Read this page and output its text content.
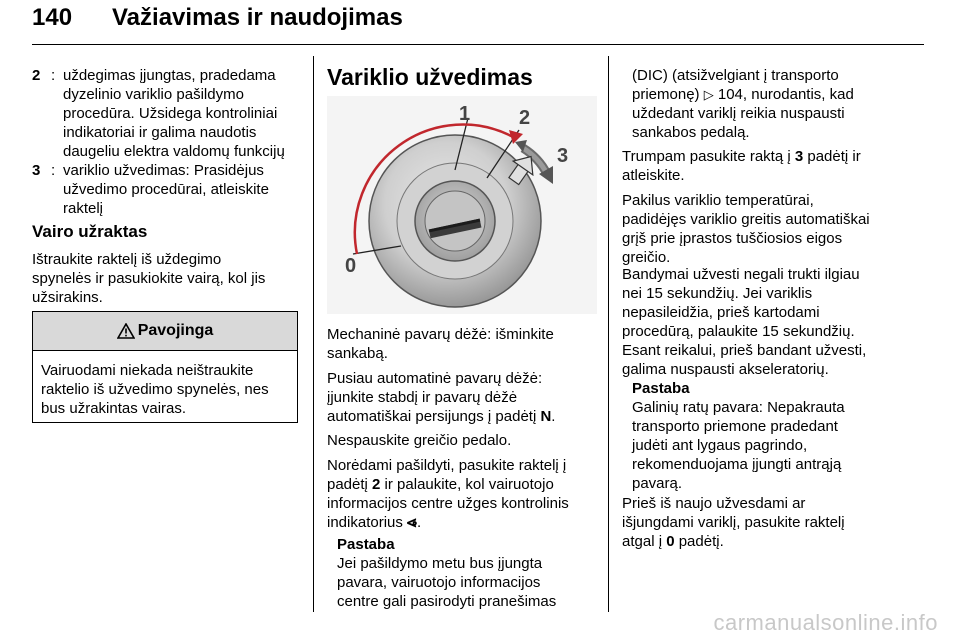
140 Važiavimas ir naudojimas
2 : uždegimas įjungtas, pradedama
dyzelinio variklio pašildymo
procedūra. Užsidega kontroliniai
indikatoriai ir galima naudotis
daugeliu elektra valdomų funkcijų
3 : variklio užvedimas: Prasidėjus
užvedimo procedūrai, atleiskite
raktelį
Vairo užraktas
Ištraukite raktelį iš uždegimo
spynelės ir pasukiokite vairą, kol jis
užsirakins.
Pavojinga
Vairuodami niekada neištraukite
raktelio iš užvedimo spynelės, nes
bus užrakintas vairas.
Variklio užvedimas
0
1 2
3
Mechaninė pavarų dėžė: išminkite
sankabą.
Pusiau automatinė pavarų dėžė:
įjunkite stabdį ir pavarų dėžė
automatiškai persijungs į padėtį N.
Nespauskite greičio pedalo.
Norėdami pašildyti, pasukite raktelį į
padėtį 2 ir palaukite, kol vairuotojo
informacijos centre užges kontrolinis
indikatorius ⩹.
Pastaba
Jei pašildymo metu bus įjungta
pavara, vairuotojo informacijos
centre gali pasirodyti pranešimas
(DIC) (atsižvelgiant į transporto
priemonę) ▷ 104, nurodantis, kad
uždedant variklį reikia nuspausti
sankabos pedalą.
Trumpam pasukite raktą į 3 padėtį ir
atleiskite.
Pakilus variklio temperatūrai,
padidėjęs variklio greitis automatiškai
grįš prie įprastos tuščiosios eigos
greičio.
Bandymai užvesti negali trukti ilgiau
nei 15 sekundžių. Jei variklis
nepasileidžia, prieš kartodami
procedūrą, palaukite 15 sekundžių.
Esant reikalui, prieš bandant užvesti,
galima nuspausti akseleratorių.
Pastaba
Galinių ratų pavara: Nepakrauta
transporto priemone pradedant
judėti ant lygaus pagrindo,
rekomenduojama įjungti antrąją
pavarą.
Prieš iš naujo užvesdami ar
išjungdami variklį, pasukite raktelį
atgal į 0 padėtį.
carmanualsonline.info
